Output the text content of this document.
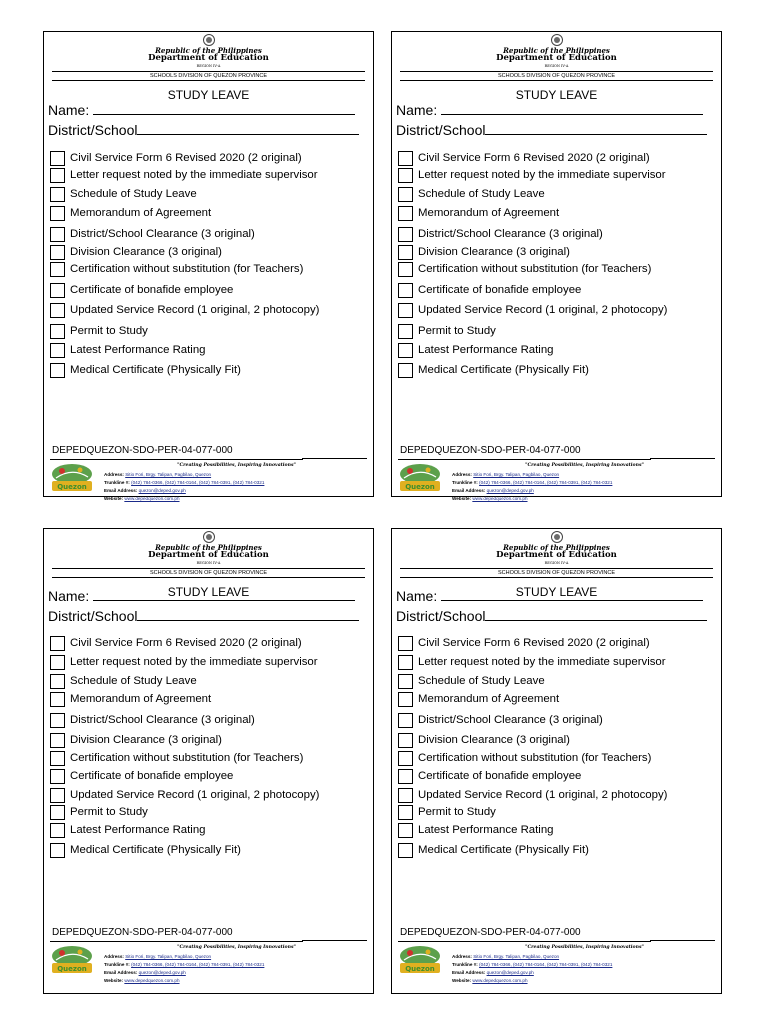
Republic of the Philippines
Department of Education
REGION IV-A
SCHOOLS DIVISION OF QUEZON PROVINCE
STUDY LEAVE
Name:
District/School
Civil Service Form 6 Revised 2020 (2 original)
Letter request noted by the immediate supervisor
Schedule of Study Leave
Memorandum of Agreement
District/School Clearance (3 original)
Division Clearance (3 original)
Certification without substitution (for Teachers)
Certificate of bonafide employee
Updated Service Record (1 original, 2 photocopy)
Permit to Study
Latest Performance Rating
Medical Certificate (Physically Fit)
DEPEDQUEZON-SDO-PER-04-077-000
Quezon
"Creating Possibilities, Inspiring Innovations"
Address: Sitio Fori, Brgy. Talipan, Pagbilao, Quezon
Trunkline #: (042) 784-0366, (042) 784-0164, (042) 784-0391, (042) 784-0321
Email Address: quezon@deped.gov.ph
Website: www.depedquezon.com.ph
Republic of the Philippines
Department of Education
REGION IV-A
SCHOOLS DIVISION OF QUEZON PROVINCE
STUDY LEAVE
Name:
District/School
Civil Service Form 6 Revised 2020 (2 original)
Letter request noted by the immediate supervisor
Schedule of Study Leave
Memorandum of Agreement
District/School Clearance (3 original)
Division Clearance (3 original)
Certification without substitution (for Teachers)
Certificate of bonafide employee
Updated Service Record (1 original, 2 photocopy)
Permit to Study
Latest Performance Rating
Medical Certificate (Physically Fit)
DEPEDQUEZON-SDO-PER-04-077-000
Quezon
"Creating Possibilities, Inspiring Innovations"
Address: Sitio Fori, Brgy. Talipan, Pagbilao, Quezon
Trunkline #: (042) 784-0366, (042) 784-0164, (042) 784-0391, (042) 784-0321
Email Address: quezon@deped.gov.ph
Website: www.depedquezon.com.ph
Republic of the Philippines
Department of Education
REGION IV-A
SCHOOLS DIVISION OF QUEZON PROVINCE
STUDY LEAVE
Name:
District/School
Civil Service Form 6 Revised 2020 (2 original)
Letter request noted by the immediate supervisor
Schedule of Study Leave
Memorandum of Agreement
District/School Clearance (3 original)
Division Clearance (3 original)
Certification without substitution (for Teachers)
Certificate of bonafide employee
Updated Service Record (1 original, 2 photocopy)
Permit to Study
Latest Performance Rating
Medical Certificate (Physically Fit)
DEPEDQUEZON-SDO-PER-04-077-000
Quezon
"Creating Possibilities, Inspiring Innovations"
Address: Sitio Fori, Brgy. Talipan, Pagbilao, Quezon
Trunkline #: (042) 784-0366, (042) 784-0164, (042) 784-0391, (042) 784-0321
Email Address: quezon@deped.gov.ph
Website: www.depedquezon.com.ph
Republic of the Philippines
Department of Education
REGION IV-A
SCHOOLS DIVISION OF QUEZON PROVINCE
STUDY LEAVE
Name:
District/School
Civil Service Form 6 Revised 2020 (2 original)
Letter request noted by the immediate supervisor
Schedule of Study Leave
Memorandum of Agreement
District/School Clearance (3 original)
Division Clearance (3 original)
Certification without substitution (for Teachers)
Certificate of bonafide employee
Updated Service Record (1 original, 2 photocopy)
Permit to Study
Latest Performance Rating
Medical Certificate (Physically Fit)
DEPEDQUEZON-SDO-PER-04-077-000
Quezon
"Creating Possibilities, Inspiring Innovations"
Address: Sitio Fori, Brgy. Talipan, Pagbilao, Quezon
Trunkline #: (042) 784-0366, (042) 784-0164, (042) 784-0391, (042) 784-0321
Email Address: quezon@deped.gov.ph
Website: www.depedquezon.com.ph
